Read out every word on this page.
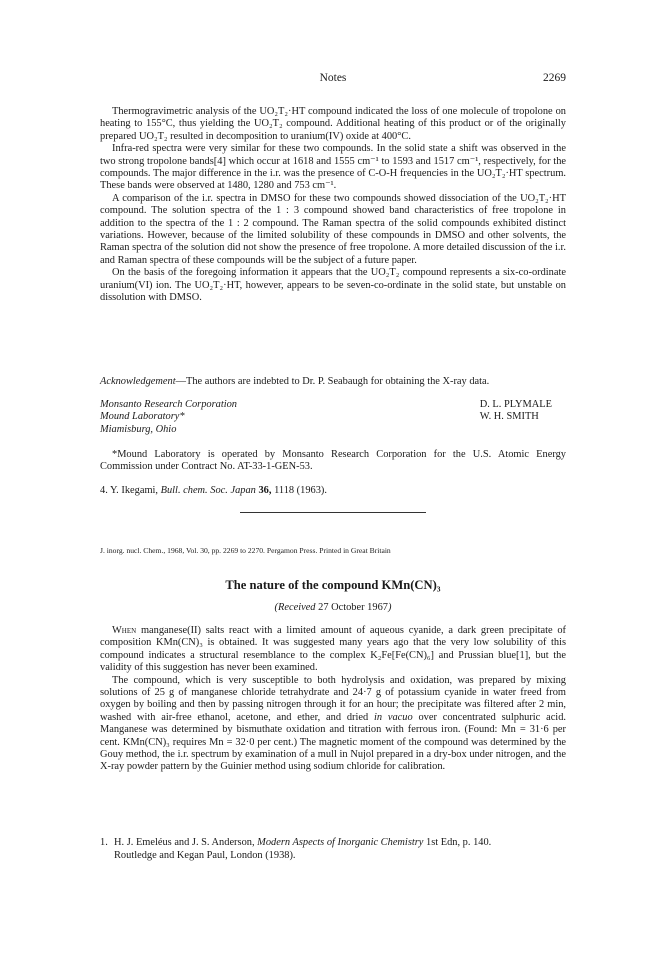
Notes	2269
Thermogravimetric analysis of the UO₂T₂·HT compound indicated the loss of one molecule of tropolone on heating to 155°C, thus yielding the UO₂T₂ compound. Additional heating of this product or of the originally prepared UO₂T₂ resulted in decomposition to uranium(IV) oxide at 400°C.
Infra-red spectra were very similar for these two compounds. In the solid state a shift was observed in the two strong tropolone bands[4] which occur at 1618 and 1555 cm⁻¹ to 1593 and 1517 cm⁻¹, respectively, for the compounds. The major difference in the i.r. was the presence of C-O-H frequencies in the UO₂T₂·HT spectrum. These bands were observed at 1480, 1280 and 753 cm⁻¹.
A comparison of the i.r. spectra in DMSO for these two compounds showed dissociation of the UO₂T₂·HT compound. The solution spectra of the 1 : 3 compound showed band characteristics of free tropolone in addition to the spectra of the 1 : 2 compound. The Raman spectra of the solid compounds exhibited distinct variations. However, because of the limited solubility of these compounds in DMSO and other solvents, the Raman spectra of the solution did not show the presence of free tropolone. A more detailed discussion of the i.r. and Raman spectra of these compounds will be the subject of a future paper.
On the basis of the foregoing information it appears that the UO₂T₂ compound represents a six-co-ordinate uranium(VI) ion. The UO₂T₂·HT, however, appears to be seven-co-ordinate in the solid state, but unstable on dissolution with DMSO.
Acknowledgement—The authors are indebted to Dr. P. Seabaugh for obtaining the X-ray data.
Monsanto Research Corporation
Mound Laboratory*
Miamisburg, Ohio
D. L. PLYMALE
W. H. SMITH
*Mound Laboratory is operated by Monsanto Research Corporation for the U.S. Atomic Energy Commission under Contract No. AT-33-1-GEN-53.
4. Y. Ikegami, Bull. chem. Soc. Japan 36, 1118 (1963).
J. inorg. nucl. Chem., 1968, Vol. 30, pp. 2269 to 2270. Pergamon Press. Printed in Great Britain
The nature of the compound KMn(CN)₃
(Received 27 October 1967)
When manganese(II) salts react with a limited amount of aqueous cyanide, a dark green precipitate of composition KMn(CN)₃ is obtained. It was suggested many years ago that the very low solubility of this compound indicates a structural resemblance to the complex K₂Fe[Fe(CN)₆] and Prussian blue[1], but the validity of this suggestion has never been examined.
The compound, which is very susceptible to both hydrolysis and oxidation, was prepared by mixing solutions of 25 g of manganese chloride tetrahydrate and 24·7 g of potassium cyanide in water freed from oxygen by boiling and then by passing nitrogen through it for an hour; the precipitate was filtered after 2 min, washed with air-free ethanol, acetone, and ether, and dried in vacuo over concentrated sulphuric acid. Manganese was determined by bismuthate oxidation and titration with ferrous iron. (Found: Mn = 31·6 per cent. KMn(CN)₃ requires Mn = 32·0 per cent.) The magnetic moment of the compound was determined by the Gouy method, the i.r. spectrum by examination of a mull in Nujol prepared in a dry-box under nitrogen, and the X-ray powder pattern by the Guinier method using sodium chloride for calibration.
1. H. J. Emeléus and J. S. Anderson, Modern Aspects of Inorganic Chemistry 1st Edn, p. 140.
Routledge and Kegan Paul, London (1938).
